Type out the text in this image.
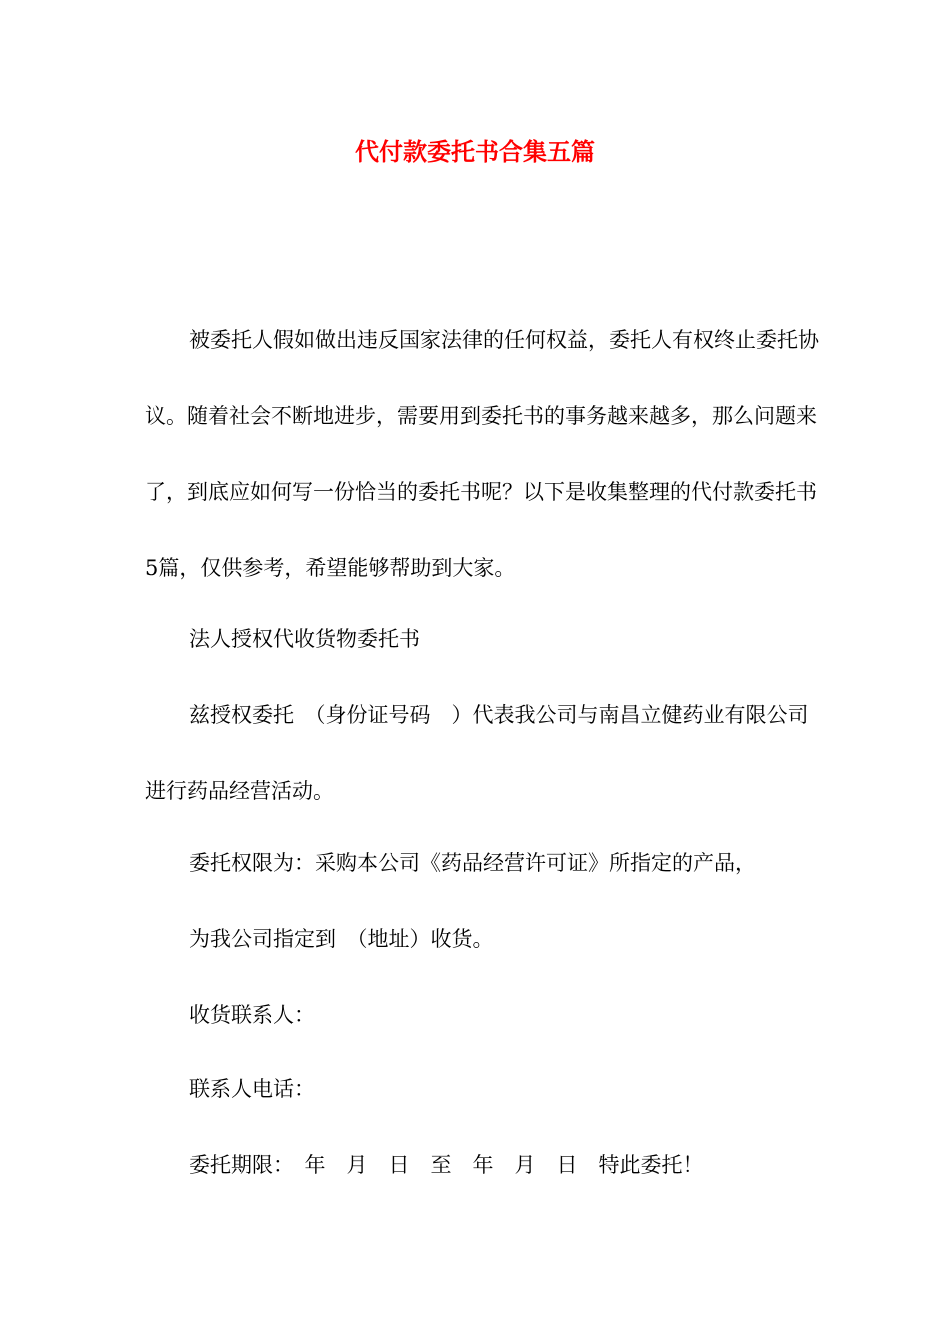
代付款委托书合集五篇

被委托人假如做出违反国家法律的任何权益，委托人有权终止委托协议。随着社会不断地进步，需要用到委托书的事务越来越多，那么问题来了，到底应如何写一份恰当的委托书呢？以下是收集整理的代付款委托书5篇，仅供参考，希望能够帮助到大家。

法人授权代收货物委托书

兹授权委托　（身份证号码　）代表我公司与南昌立健药业有限公司进行药品经营活动。

委托权限为：采购本公司《药品经营许可证》所指定的产品，

为我公司指定到　（地址）收货。

收货联系人：

联系人电话：

委托期限：　年　月　日　至　年　月　日　特此委托！
